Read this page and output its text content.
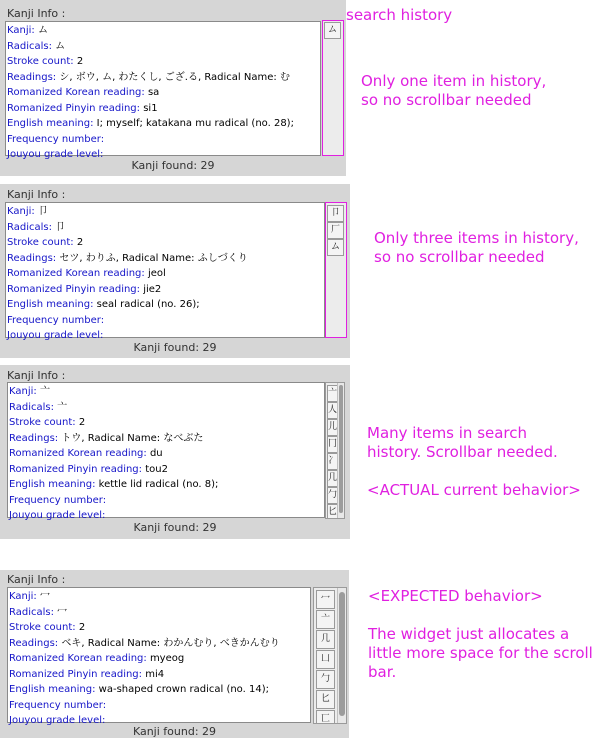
Kanji Info :
Kanji: ム
Radicals: ム
Stroke count: 2
Readings: シ, ボウ, ム, わたくし, ござ.る, Radical Name: む
Romanized Korean reading: sa
Romanized Pinyin reading: si1
English meaning: I; myself; katakana mu radical (no. 28);
Frequency number:
Jouyou grade level:
ム
Kanji found: 29
Kanji Info :
Kanji: 卩
Radicals: 卩
Stroke count: 2
Readings: セツ, わりふ, Radical Name: ふしづくり
Romanized Korean reading: jeol
Romanized Pinyin reading: jie2
English meaning: seal radical (no. 26);
Frequency number:
Jouyou grade level:
卩
厂
ム
Kanji found: 29
Kanji Info :
Kanji: 亠
Radicals: 亠
Stroke count: 2
Readings: トウ, Radical Name: なべぶた
Romanized Korean reading: du
Romanized Pinyin reading: tou2
English meaning: kettle lid radical (no. 8);
Frequency number:
Jouyou grade level:
亠
人
儿
冂
冫
几
勹
匕
Kanji found: 29
Kanji Info :
Kanji: 冖
Radicals: 冖
Stroke count: 2
Readings: ベキ, Radical Name: わかんむり, べきかんむり
Romanized Korean reading: myeog
Romanized Pinyin reading: mi4
English meaning: wa-shaped crown radical (no. 14);
Frequency number:
Jouyou grade level:
冖
亠
几
凵
勹
匕
匸
Kanji found: 29
search history
Only one item in history,
so no scrollbar needed
Only three items in history,
so no scrollbar needed
Many items in search
history. Scrollbar needed.
<ACTUAL current behavior>
<EXPECTED behavior>
The widget just allocates a
little more space for the scroll
bar.
